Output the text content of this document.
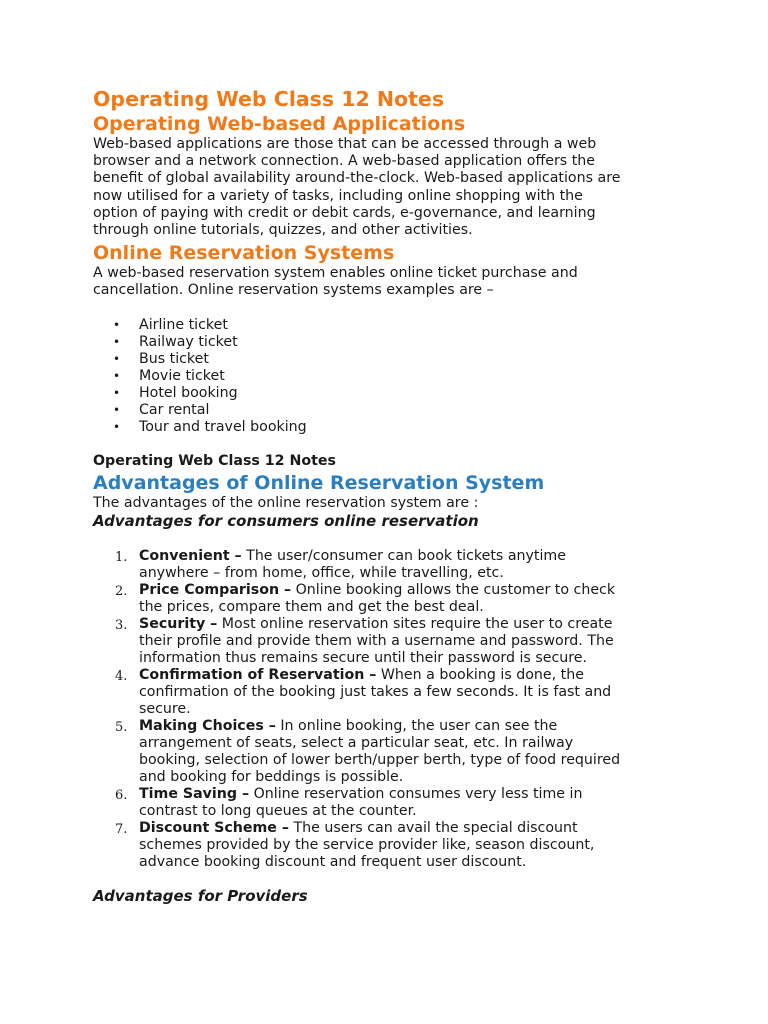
Operating Web Class 12 Notes
Operating Web-based Applications

Web-based applications are those that can be accessed through a web
browser and a network connection. A web-based application offers the
benefit of global availability around-the-clock. Web-based applications are
now utilised for a variety of tasks, including online shopping with the
option of paying with credit or debit cards, e-governance, and learning
through online tutorials, quizzes, and other activities.

Online Reservation Systems

A web-based reservation system enables online ticket purchase and
cancellation. Online reservation systems examples are –

• Airline ticket
• Railway ticket
• Bus ticket
• Movie ticket
• Hotel booking
• Car rental
• Tour and travel booking
Operating Web Class 12 Notes
Advantages of Online Reservation System

The advantages of the online reservation system are :

Advantages for consumers online reservation
1. Convenient – The user/consumer can book tickets anytime
anywhere – from home, office, while travelling, etc.
2. Price Comparison – Online booking allows the customer to check
the prices, compare them and get the best deal.
3. Security – Most online reservation sites require the user to create
their profile and provide them with a username and password. The
information thus remains secure until their password is secure.
4. Confirmation of Reservation – When a booking is done, the
confirmation of the booking just takes a few seconds. It is fast and
secure.
5. Making Choices – In online booking, the user can see the
arrangement of seats, select a particular seat, etc. In railway
booking, selection of lower berth/upper berth, type of food required
and booking for beddings is possible.
6. Time Saving – Online reservation consumes very less time in
contrast to long queues at the counter.
7. Discount Scheme – The users can avail the special discount
schemes provided by the service provider like, season discount,
advance booking discount and frequent user discount.
Advantages for Providers
